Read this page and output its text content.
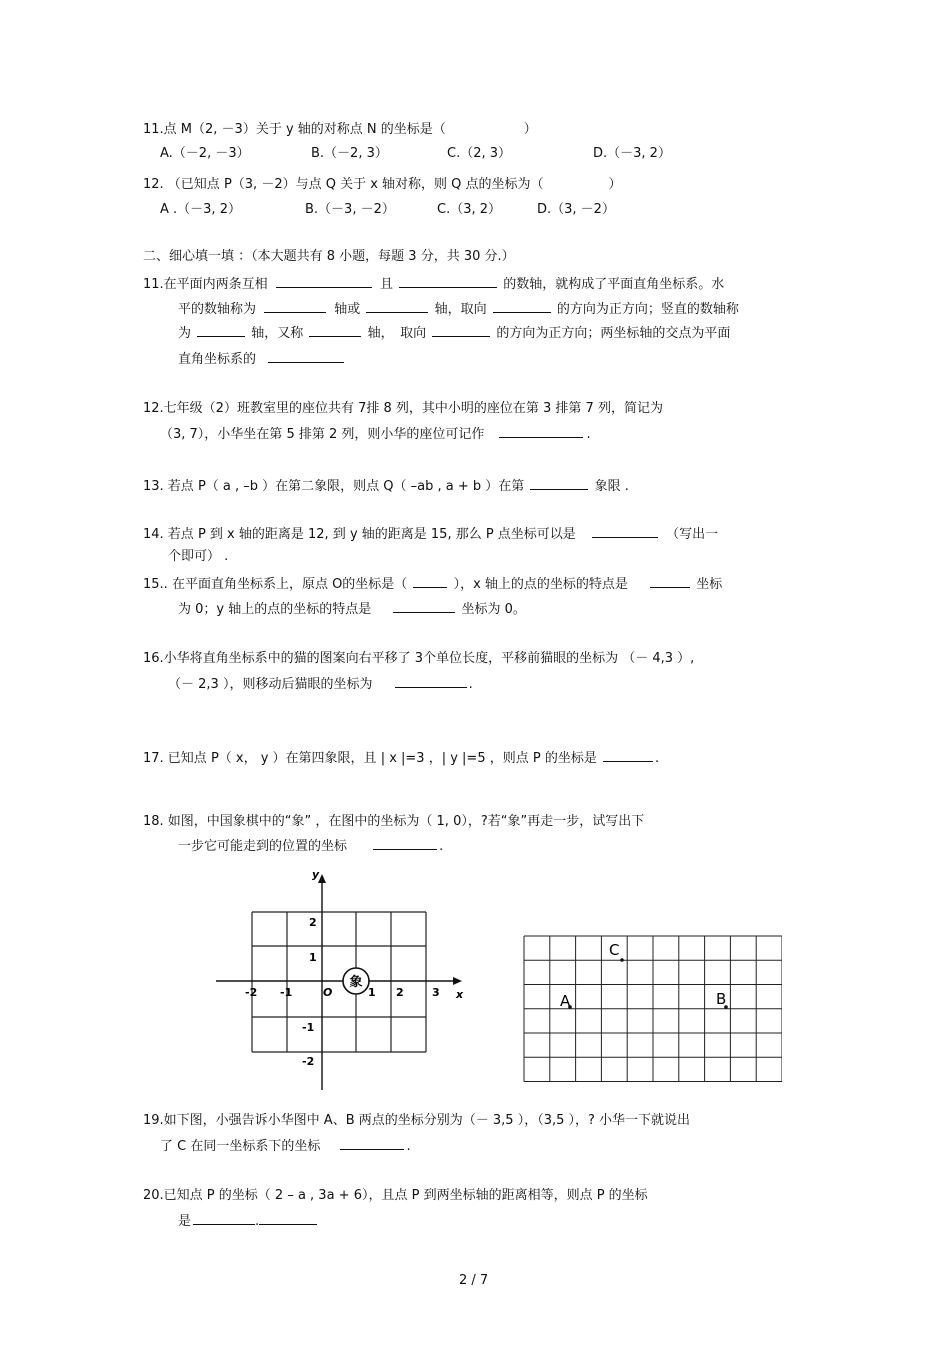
11.点 M（2, －3）关于 y 轴的对称点 N 的坐标是（　　　　　　）
A.（－2, －3）	B.（－2, 3）	C.（2, 3）	D.（－3, 2）
12. （已知点 P（3, －2）与点 Q 关于 x 轴对称，则 Q 点的坐标为（　　　　　）
A .（－3, 2）	B.（－3, －2）	C.（3, 2）	D.（3, －2）
二、细心填一填 ：（本大题共有 8 小题，每题 3 分，共 30 分.）
11.在平面内两条互相	且	的数轴，就构成了平面直角坐标系。水
平的数轴称为	轴或	轴，取向	的方向为正方向；竖直的数轴称
为	轴，又称	轴，　取向	的方向为正方向；两坐标轴的交点为平面
直角坐标系的
12.七年级（2）班教室里的座位共有 7排 8 列，其中小明的座位在第 3 排第 7 列，简记为
（3, 7），小华坐在第 5 排第 2 列，则小华的座位可记作	.
13. 若点 P（ a , –b ）在第二象限，则点 Q（ –ab , a + b ）在第	象限 .
14. 若点 P 到 x 轴的距离是 12, 到 y 轴的距离是 15, 那么 P 点坐标可以是	（写出一
个即可） .
15.. 在平面直角坐标系上，原点 O的坐标是（	），x 轴上的点的坐标的特点是	坐标
为 0；y 轴上的点的坐标的特点是	坐标为 0。
16.小华将直角坐标系中的猫的图案向右平移了 3个单位长度，平移前猫眼的坐标为 （－ 4,3 ）,
（－ 2,3 ），则移动后猫眼的坐标为	.
17. 已知点 P（ x， y ）在第四象限，且 | x |=3 ，| y |=5 ，则点 P 的坐标是	.
18. 如图，中国象棋中的“象” ，在图中的坐标为（ 1, 0），?若“象”再走一步，试写出下
一步它可能走到的位置的坐标	.
y
x
O
-2 -1	1 2	3
2
1
-1
-2
象
C
A	B
19.如下图，小强告诉小华图中 A、B 两点的坐标分别为（－ 3,5 ），（3,5 ），? 小华一下就说出
了 C 在同一坐标系下的坐标	.
20.已知点 P 的坐标（ 2 – a , 3a + 6），且点 P 到两坐标轴的距离相等，则点 P 的坐标
是	.
2 / 7
